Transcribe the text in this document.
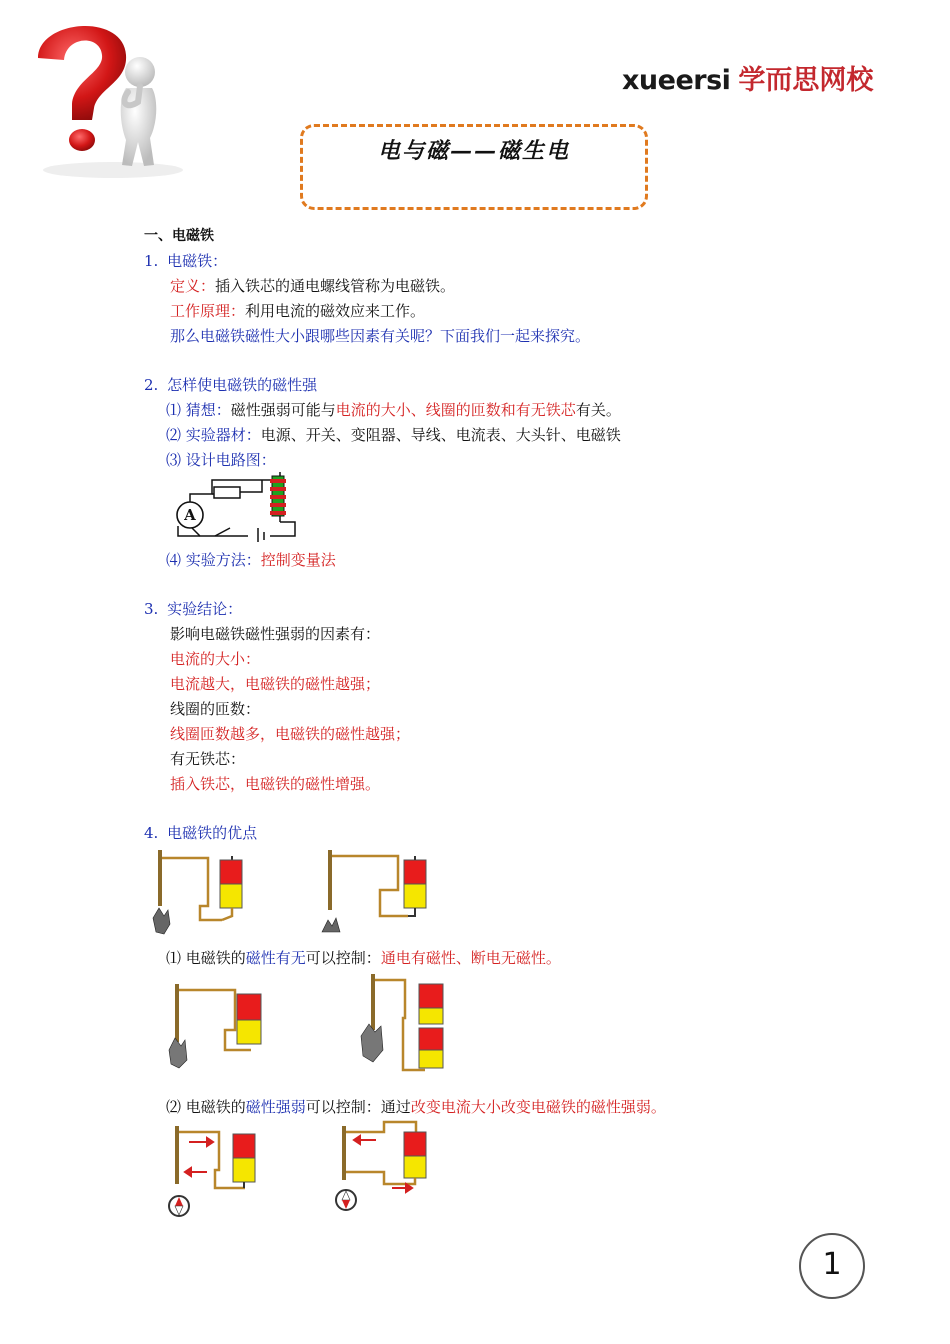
xueersi 学而思网校
电与磁——磁生电
一、电磁铁
1. 电磁铁：
定义：插入铁芯的通电螺线管称为电磁铁。
工作原理：利用电流的磁效应来工作。
那么电磁铁磁性大小跟哪些因素有关呢？下面我们一起来探究。
2. 怎样使电磁铁的磁性强
⑴ 猜想：磁性强弱可能与电流的大小、线圈的匝数和有无铁芯有关。
⑵ 实验器材：电源、开关、变阻器、导线、电流表、大头针、电磁铁
⑶ 设计电路图：
A
⑷ 实验方法：控制变量法
3. 实验结论：
影响电磁铁磁性强弱的因素有：
电流的大小：
电流越大，电磁铁的磁性越强；
线圈的匝数：
线圈匝数越多，电磁铁的磁性越强；
有无铁芯：
插入铁芯，电磁铁的磁性增强。
4. 电磁铁的优点
⑴ 电磁铁的磁性有无可以控制：通电有磁性、断电无磁性。
⑵ 电磁铁的磁性强弱可以控制：通过改变电流大小改变电磁铁的磁性强弱。
1
